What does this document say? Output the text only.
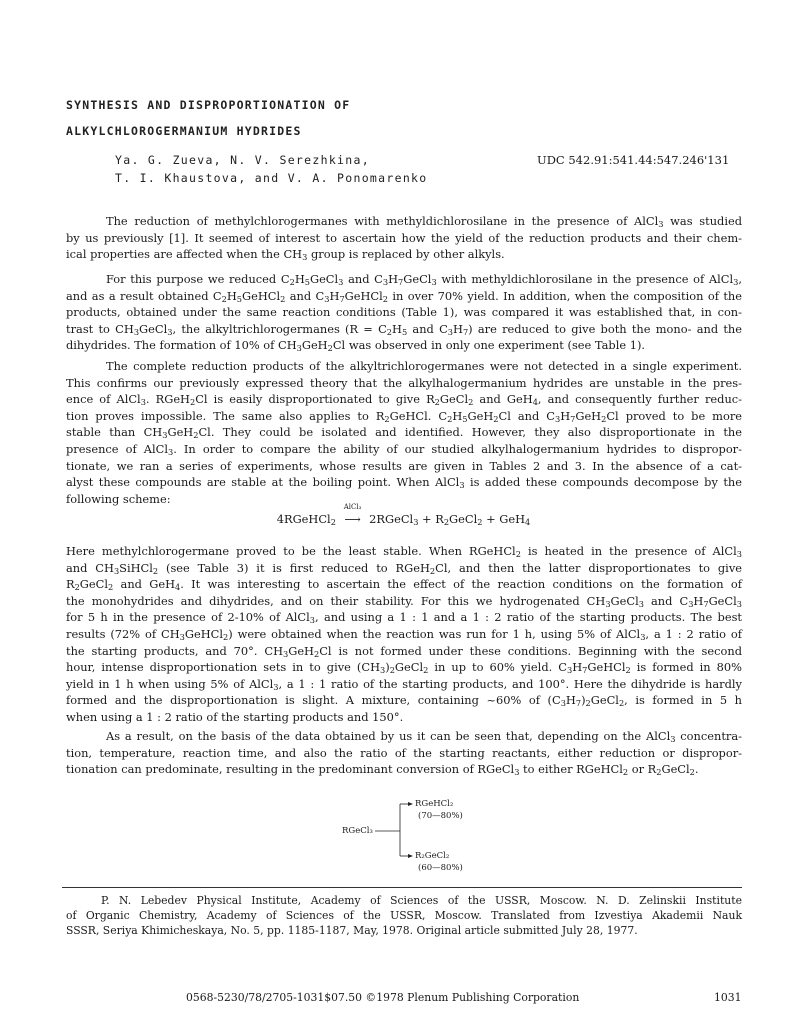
SYNTHESIS AND DISPROPORTIONATION OF
ALKYLCHLOROGERMANIUM HYDRIDES
Ya. G. Zueva, N. V. Serezhkina,
T. I. Khaustova, and V. A. Ponomarenko
UDC 542.91:541.44:547.246'131
The reduction of methylchlorogermanes with methyldichlorosilane in the presence of AlCl$_3$ was studied
by us previously [1]. It seemed of interest to ascertain how the yield of the reduction products and their chem-
ical properties are affected when the $CH_3$ group is replaced by other alkyls.
For this purpose we reduced $C_2H_5GeCl_3$ and $C_3H_7GeCl_3$ with methyldichlorosilane in the presence of AlCl$_3$,
and as a result obtained $C_2H_5GeHCl_2$ and $C_3H_7GeHCl_2$ in over 70% yield. In addition, when the composition of the
products, obtained under the same reaction conditions (Table 1), was compared it was established that, in con-
trast to $CH_3GeCl_3$, the alkyltrichlorogermanes ($R = C_2H_5$ and $C_3H_7$) are reduced to give both the mono- and the
dihydrides. The formation of 10% of $CH_3GeH_2Cl$ was observed in only one experiment (see Table 1).
The complete reduction products of the alkyltrichlorogermanes were not detected in a single experiment.
This confirms our previously expressed theory that the alkylhalogermanium hydrides are unstable in the pres-
ence of AlCl$_3$. RGeH$_2$Cl is easily disproportionated to give $R_2GeCl_2$ and GeH$_4$, and consequently further reduc-
tion proves impossible. The same also applies to $R_2GeHCl$. $C_2H_5GeH_2Cl$ and $C_3H_7GeH_2Cl$ proved to be more
stable than $CH_3GeH_2Cl$. They could be isolated and identified. However, they also disproportionate in the
presence of AlCl$_3$. In order to compare the ability of our studied alkylhalogermanium hydrides to dispropor-
tionate, we ran a series of experiments, whose results are given in Tables 2 and 3. In the absence of a cat-
alyst these compounds are stable at the boiling point. When AlCl$_3$ is added these compounds decompose by the
following scheme:
4RGeHCl$_2$
AlCl₃
⟶ 2RGeCl$_3$ + $R_2GeCl_2 + GeH_4$
Here methylchlorogermane proved to be the least stable. When RGeHCl$_2$ is heated in the presence of AlCl$_3$
and $CH_3SiHCl_2$ (see Table 3) it is first reduced to RGeH$_2$Cl, and then the latter disproportionates to give
$R_2GeCl_2$ and GeH$_4$. It was interesting to ascertain the effect of the reaction conditions on the formation of
the monohydrides and dihydrides, and on their stability. For this we hydrogenated $CH_3GeCl_3$ and $C_3H_7GeCl_3$
for 5 h in the presence of 2-10% of AlCl$_3$, and using a 1 : 1 and a 1 : 2 ratio of the starting products. The best
results (72% of $CH_3GeHCl_2$) were obtained when the reaction was run for 1 h, using 5% of AlCl$_3$, a 1 : 2 ratio of
the starting products, and 70°. $CH_3GeH_2Cl$ is not formed under these conditions. Beginning with the second
hour, intense disproportionation sets in to give $(CH_3)_2GeCl_2$ in up to 60% yield. $C_3H_7GeHCl_2$ is formed in 80%
yield in 1 h when using 5% of AlCl$_3$, a 1 : 1 ratio of the starting products, and 100°. Here the dihydride is hardly
formed and the disproportionation is slight. A mixture, containing ~60% of $(C_3H_7)_2GeCl_2$, is formed in 5 h
when using a 1 : 2 ratio of the starting products and 150°.
As a result, on the basis of the data obtained by us it can be seen that, depending on the AlCl$_3$ concentra-
tion, temperature, reaction time, and also the ratio of the starting reactants, either reduction or dispropor-
tionation can predominate, resulting in the predominant conversion of RGeCl$_3$ to either RGeHCl$_2$ or $R_2GeCl_2$.
RGeCl₃
RGeHCl₂
(70—80%)
R₂GeCl₂
(60—80%)
P. N. Lebedev Physical Institute, Academy of Sciences of the USSR, Moscow. N. D. Zelinskii Institute
of Organic Chemistry, Academy of Sciences of the USSR, Moscow. Translated from Izvestiya Akademii Nauk
SSSR, Seriya Khimicheskaya, No. 5, pp. 1185-1187, May, 1978. Original article submitted July 28, 1977.
0568-5230/78/2705-1031$07.50 ©1978 Plenum Publishing Corporation	1031
